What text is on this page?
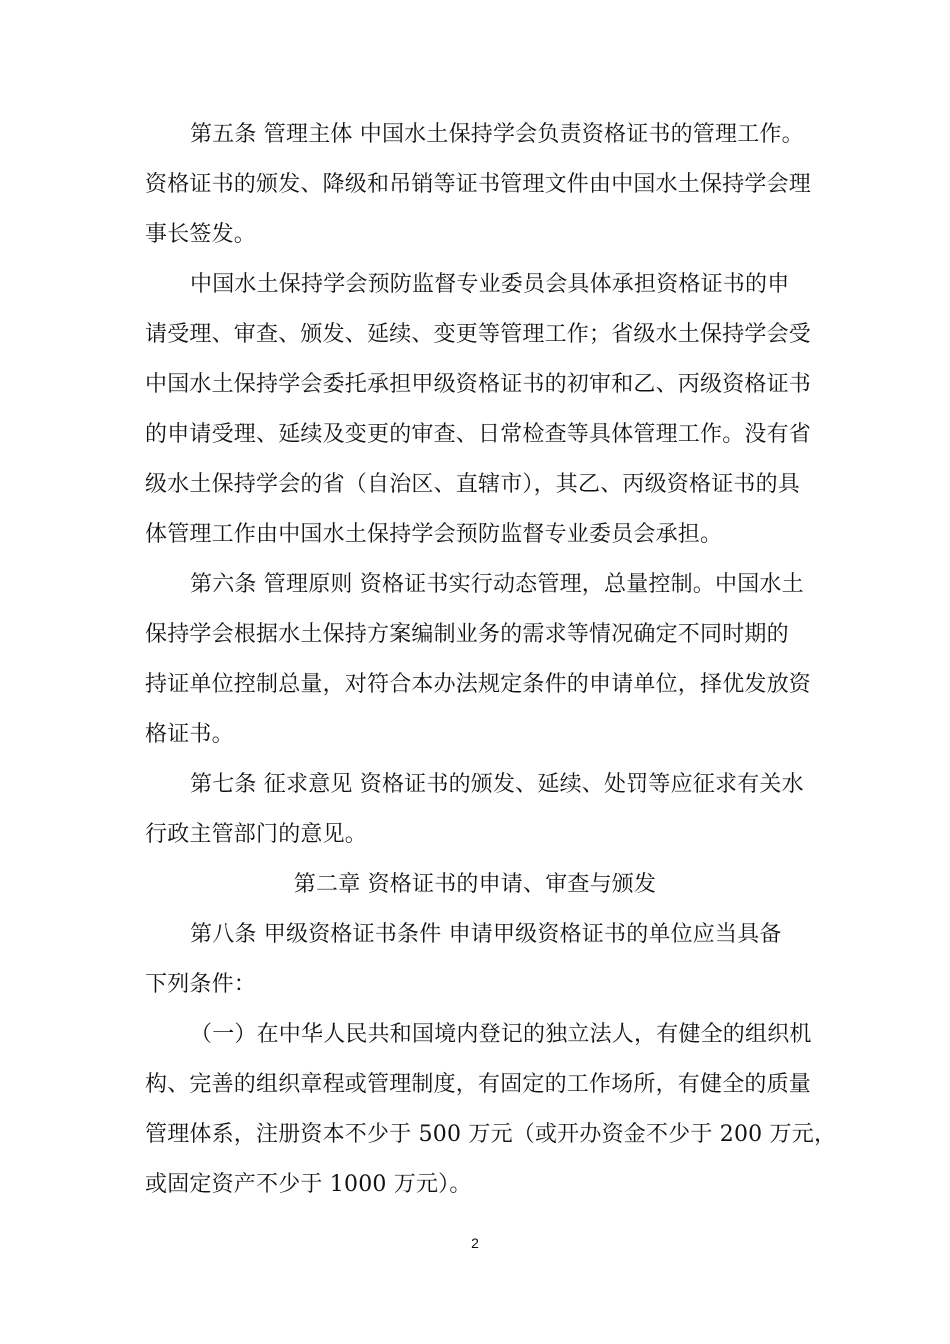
第五条 管理主体 中国水土保持学会负责资格证书的管理工作。
资格证书的颁发、降级和吊销等证书管理文件由中国水土保持学会理
事长签发。
中国水土保持学会预防监督专业委员会具体承担资格证书的申
请受理、审查、颁发、延续、变更等管理工作；省级水土保持学会受
中国水土保持学会委托承担甲级资格证书的初审和乙、丙级资格证书
的申请受理、延续及变更的审查、日常检查等具体管理工作。没有省
级水土保持学会的省（自治区、直辖市），其乙、丙级资格证书的具
体管理工作由中国水土保持学会预防监督专业委员会承担。
第六条 管理原则 资格证书实行动态管理，总量控制。中国水土
保持学会根据水土保持方案编制业务的需求等情况确定不同时期的
持证单位控制总量，对符合本办法规定条件的申请单位，择优发放资
格证书。
第七条 征求意见 资格证书的颁发、延续、处罚等应征求有关水
行政主管部门的意见。
第二章 资格证书的申请、审查与颁发
第八条 甲级资格证书条件 申请甲级资格证书的单位应当具备
下列条件：
（一）在中华人民共和国境内登记的独立法人，有健全的组织机
构、完善的组织章程或管理制度，有固定的工作场所，有健全的质量
管理体系，注册资本不少于 500 万元（或开办资金不少于 200 万元，
或固定资产不少于 1000 万元）。
2
